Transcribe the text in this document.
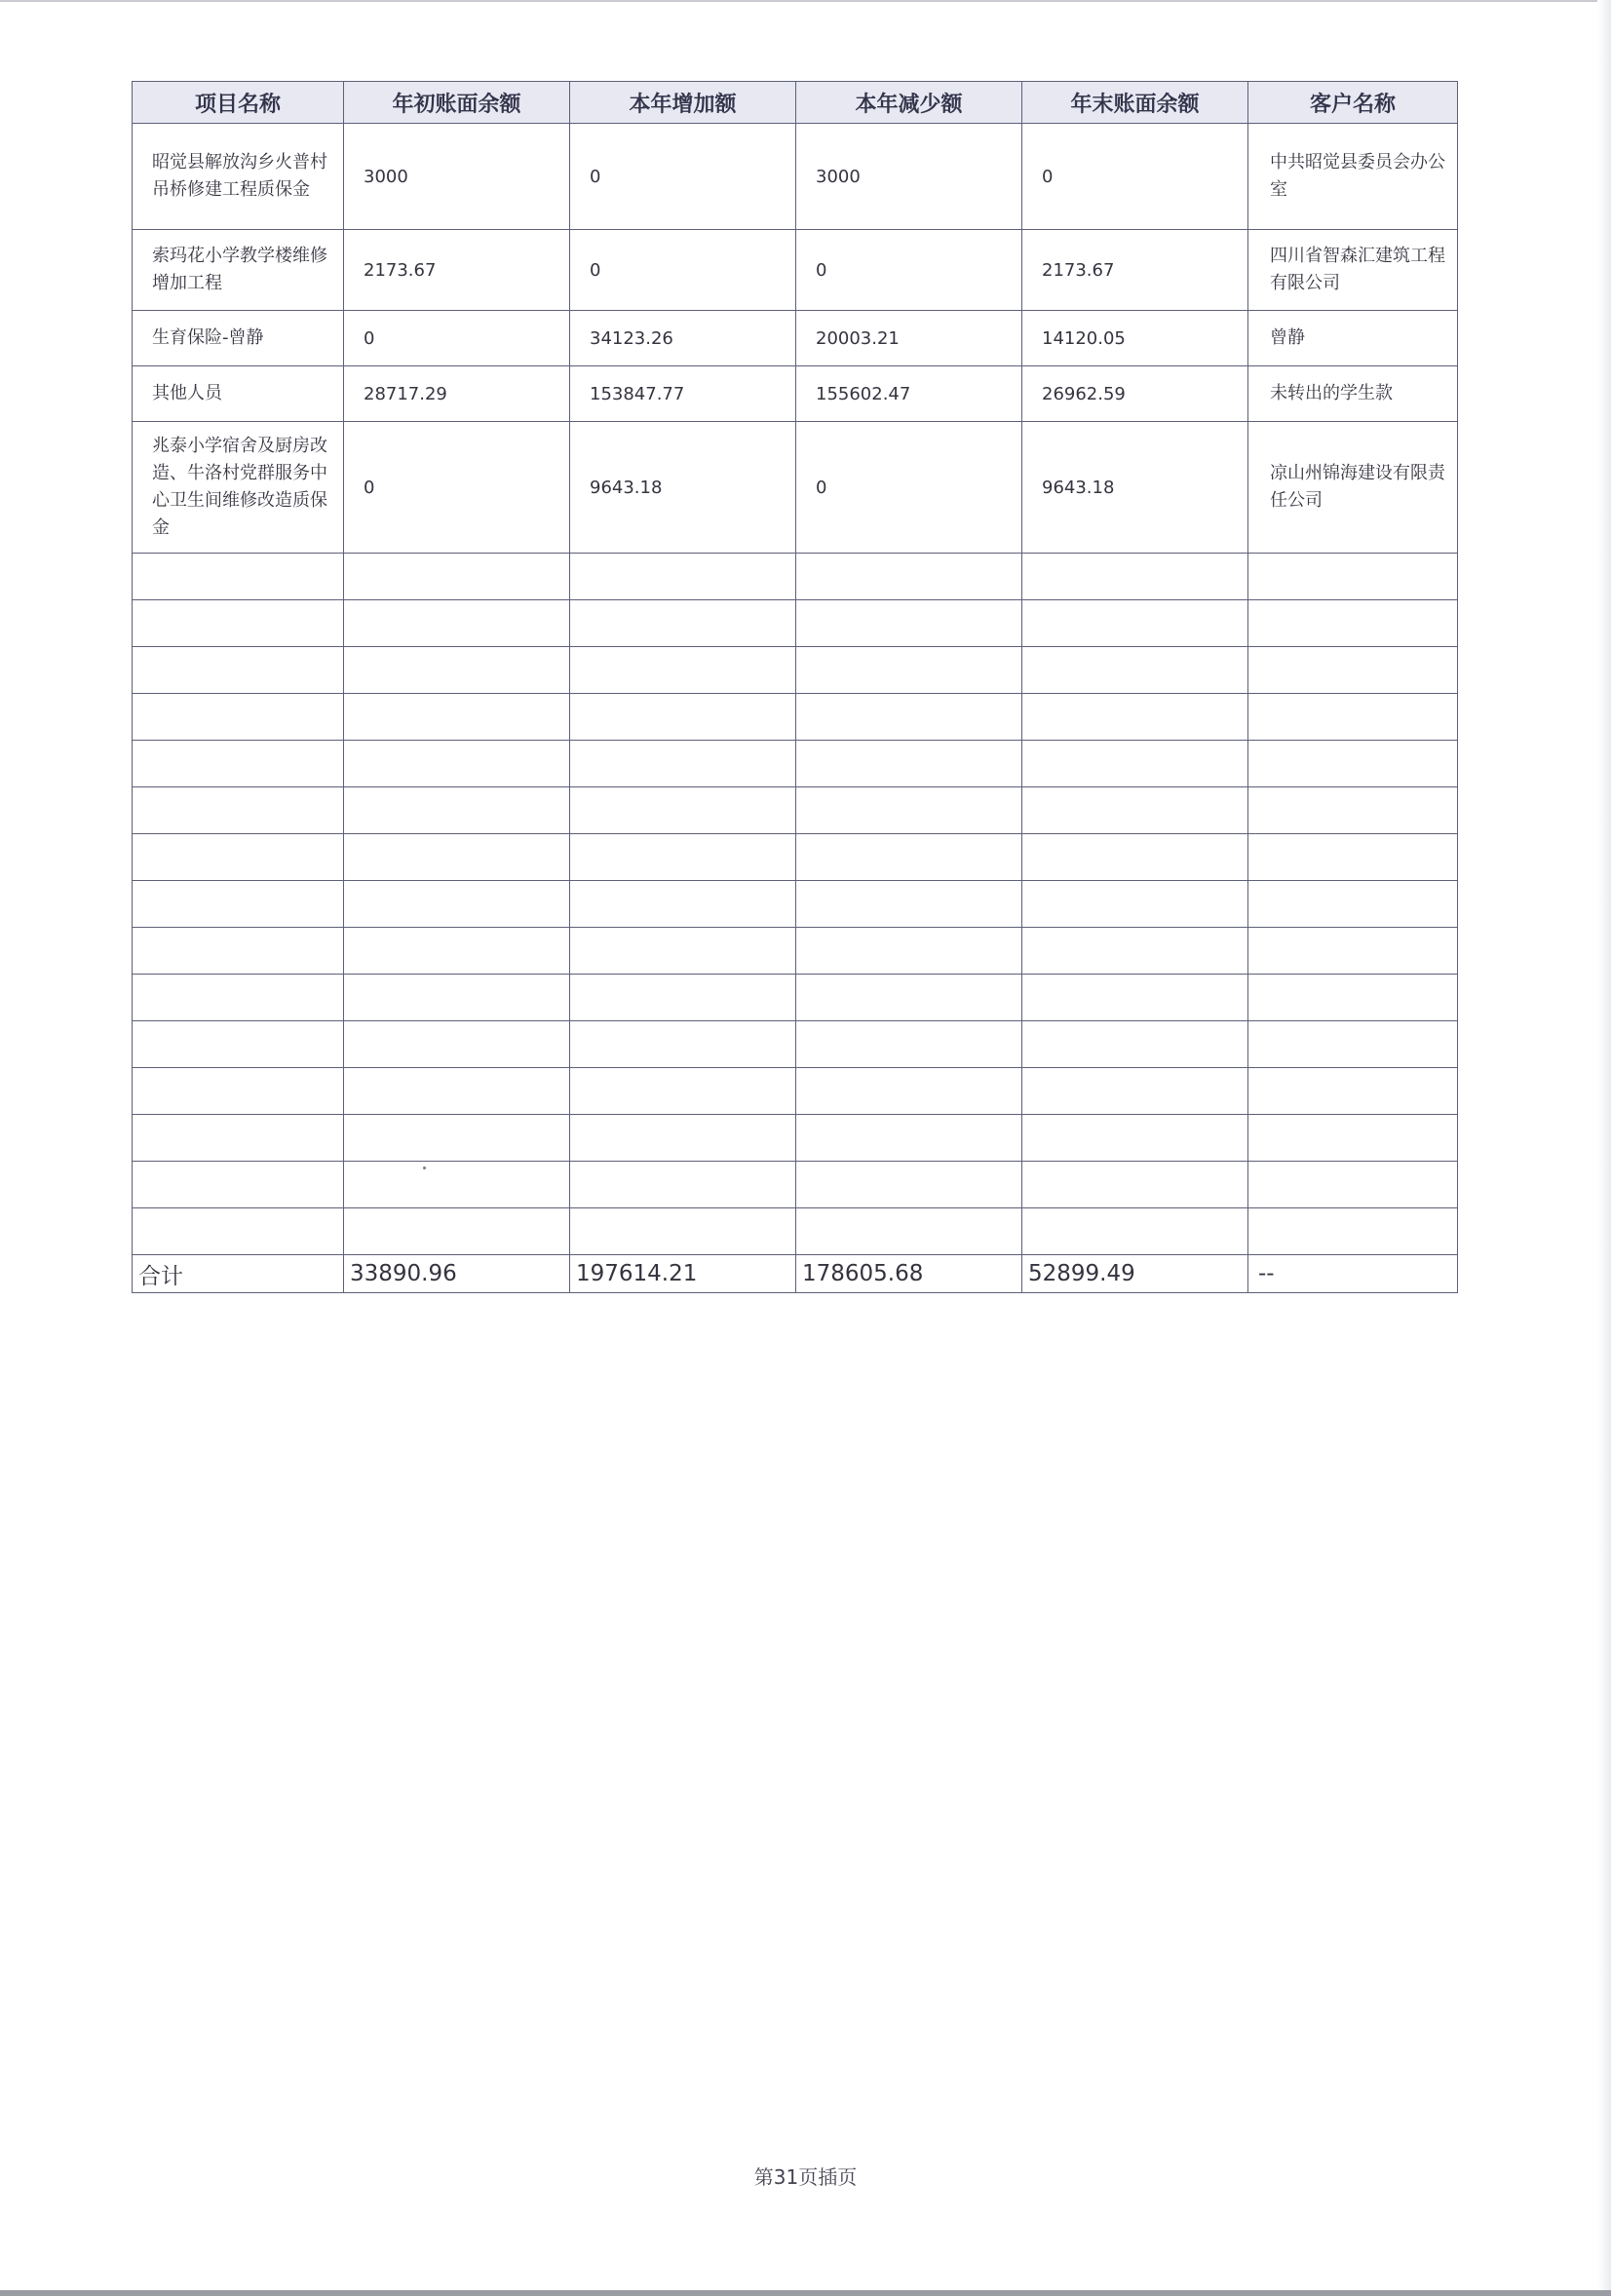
项目名称	年初账面余额	本年增加额	本年减少额	年末账面余额	客户名称
昭觉县解放沟乡火普村吊桥修建工程质保金	3000	0	3000	0	中共昭觉县委员会办公室
索玛花小学教学楼维修增加工程	2173.67	0	0	2173.67	四川省智森汇建筑工程有限公司
生育保险-曾静	0	34123.26	20003.21	14120.05	曾静
其他人员	28717.29	153847.77	155602.47	26962.59	未转出的学生款
兆泰小学宿舍及厨房改造、牛洛村党群服务中心卫生间维修改造质保金	0	9643.18	0	9643.18	凉山州锦海建设有限责任公司

合计	33890.96	197614.21	178605.68	52899.49	--
第31页插页
